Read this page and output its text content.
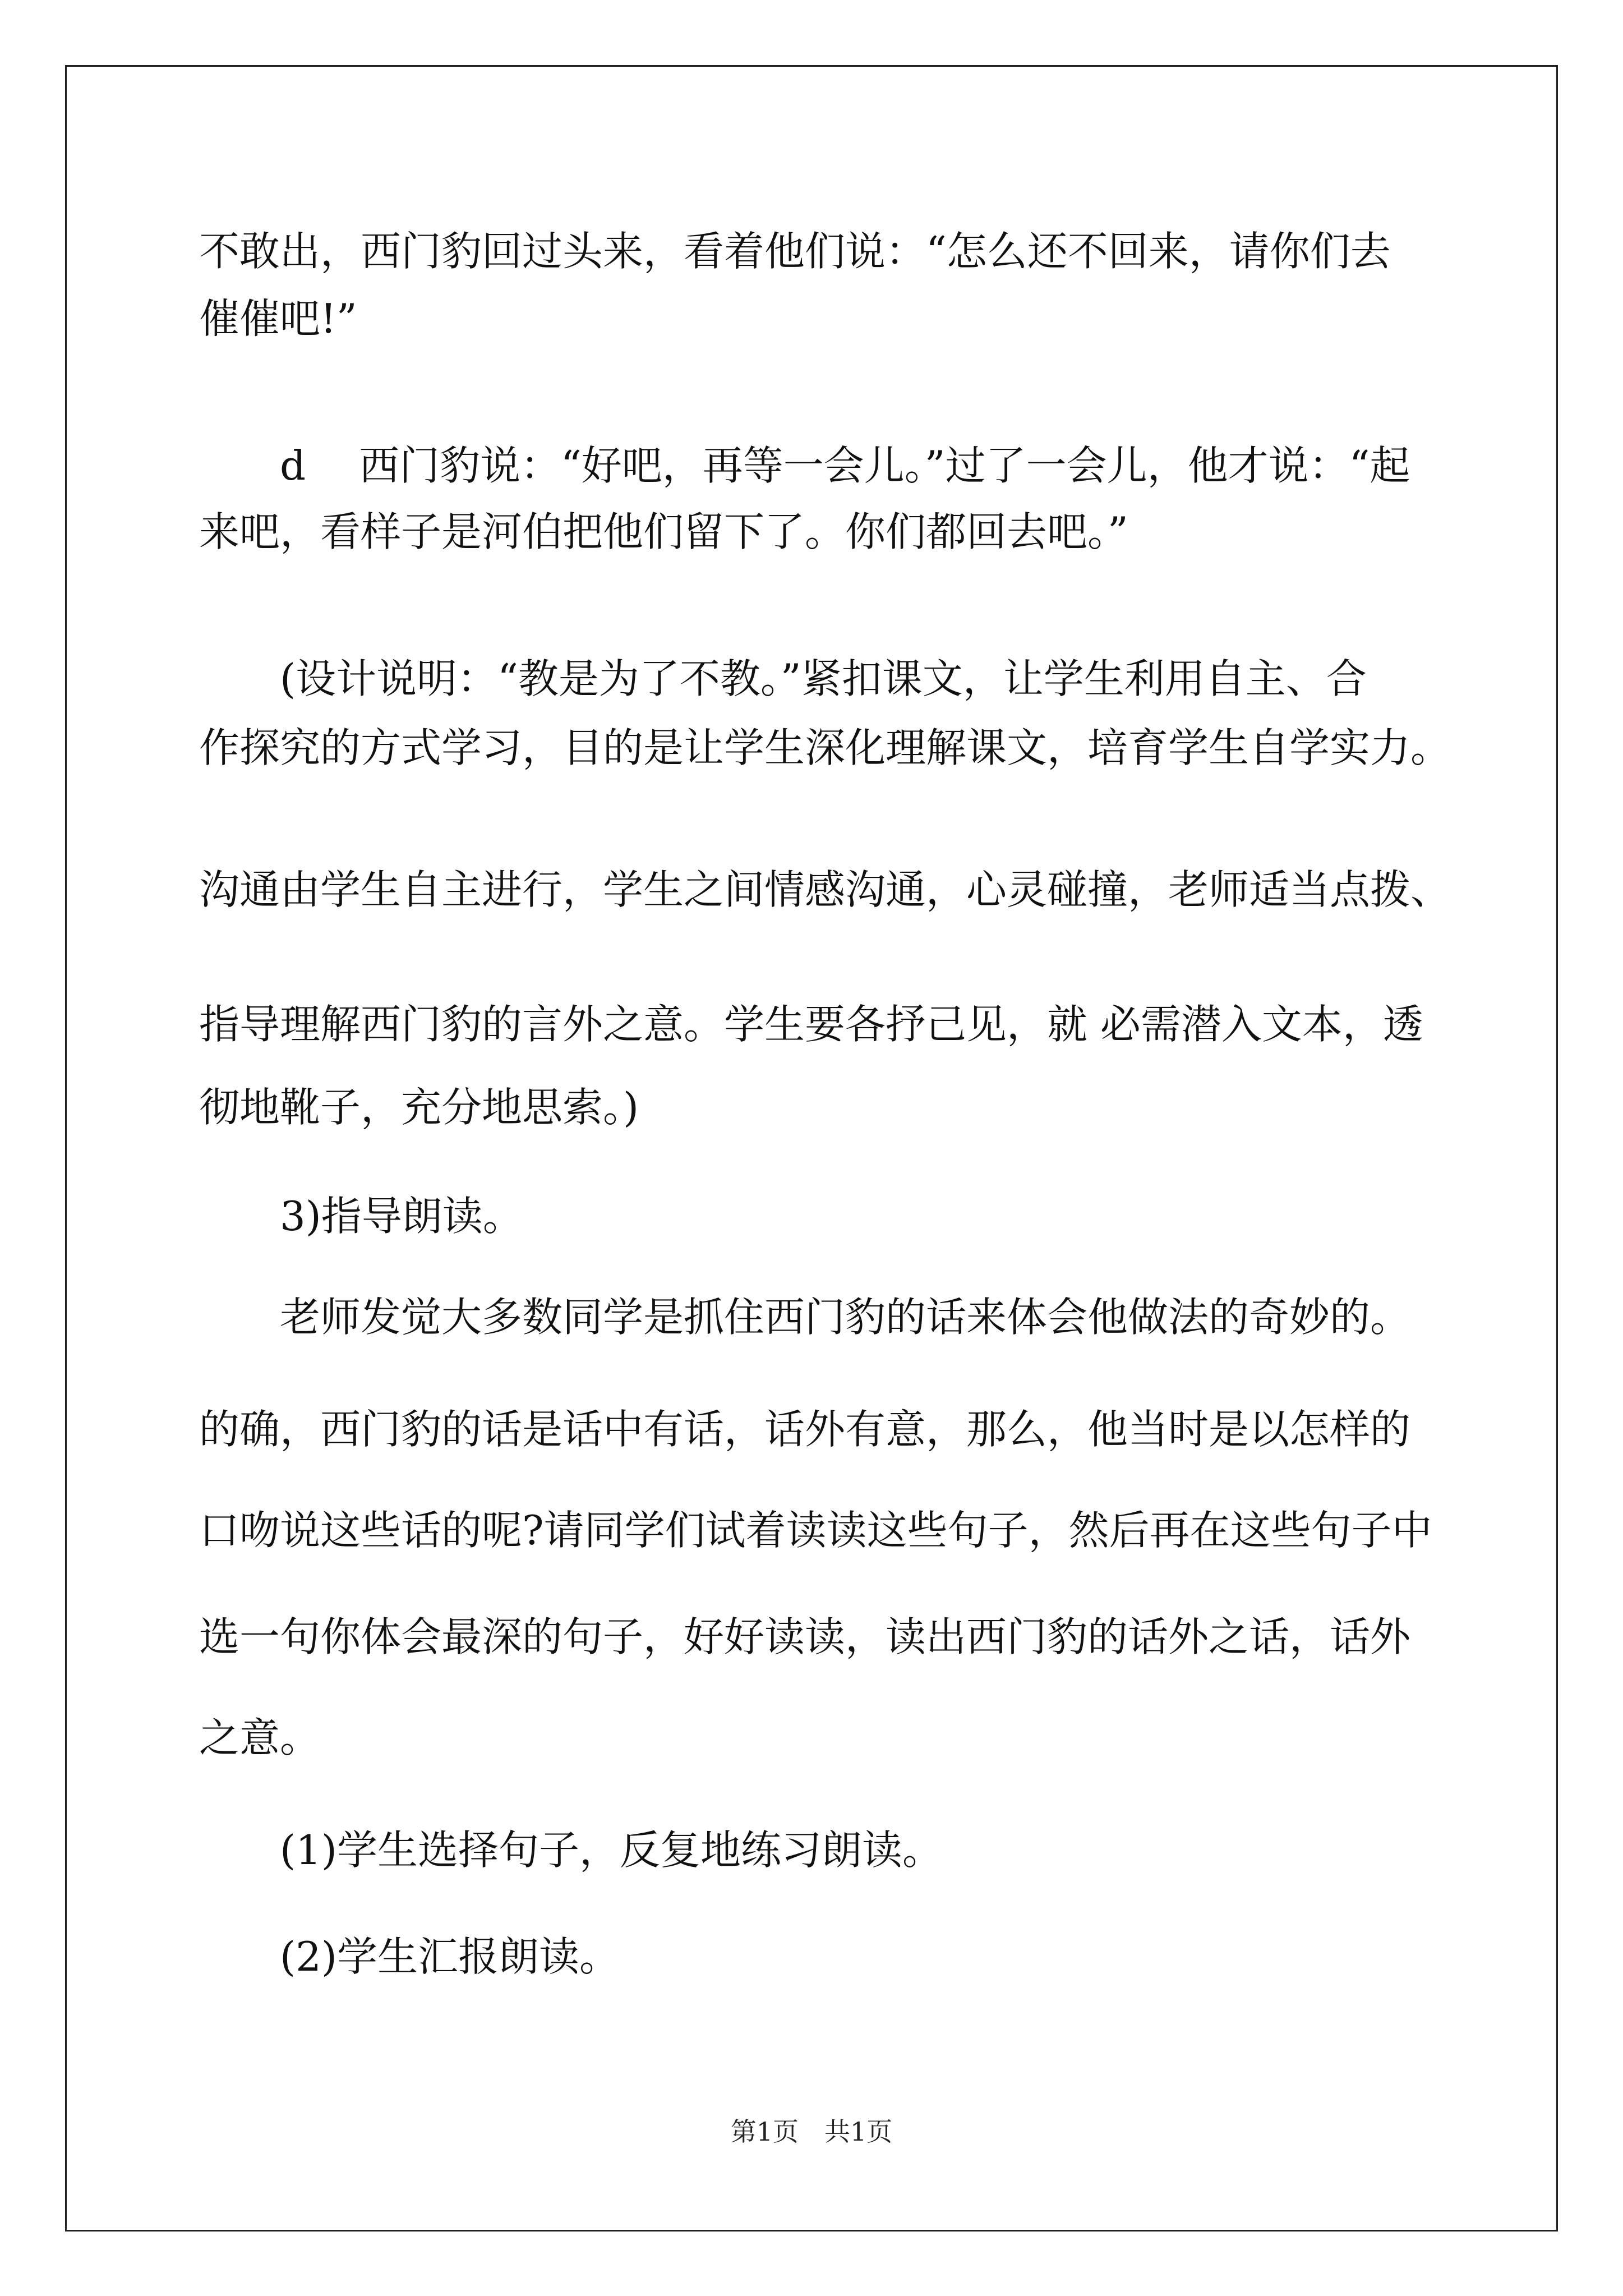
不敢出，西门豹回过头来，看着他们说：“怎么还不回来，请你们去
催催吧!”
d　 西门豹说：“好吧，再等一会儿。”过了一会儿，他才说：“起
来吧，看样子是河伯把他们留下了。你们都回去吧。”
(设计说明：“教是为了不教。”紧扣课文，让学生利用自主、合
作探究的方式学习，目的是让学生深化理解课文，培育学生自学实力。
沟通由学生自主进行，学生之间情感沟通，心灵碰撞，老师适当点拨、
指导理解西门豹的言外之意。学生要各抒己见，就 必需潜入文本，透
彻地靴子，充分地思索。)
3)指导朗读。
老师发觉大多数同学是抓住西门豹的话来体会他做法的奇妙的。
的确，西门豹的话是话中有话，话外有意，那么，他当时是以怎样的
口吻说这些话的呢?请同学们试着读读这些句子，然后再在这些句子中
选一句你体会最深的句子，好好读读，读出西门豹的话外之话，话外
之意。
(1)学生选择句子，反复地练习朗读。
(2)学生汇报朗读。
第1页　共1页
